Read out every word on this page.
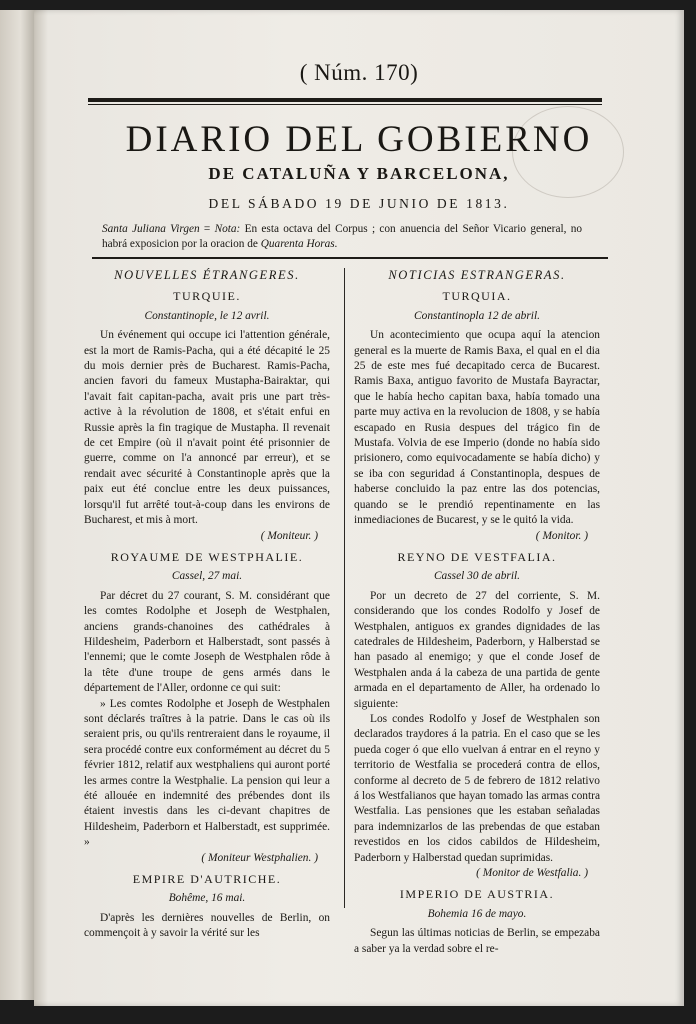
( Núm. 170)
DIARIO DEL GOBIERNO
DE CATALUÑA Y BARCELONA,
DEL SÁBADO 19 DE JUNIO DE 1813.
Santa Juliana Virgen = Nota: En esta octava del Corpus ; con anuencia del Señor Vicario general, no habrá exposicion por la oracion de Quarenta Horas.
NOUVELLES ÉTRANGERES.
TURQUIE.
Constantinople, le 12 avril.

Un événement qui occupe ici l'attention générale, est la mort de Ramis-Pacha, qui a été décapité le 25 du mois dernier près de Bucharest. Ramis-Pacha, ancien favori du fameux Mustapha-Bairaktar, qui l'avait fait capitan-pacha, avait pris une part très-active à la révolution de 1808, et s'était enfui en Russie après la fin tragique de Mustapha. Il revenait de cet Empire (où il n'avait point été prisonnier de guerre, comme on l'a annoncé par erreur), et se rendait avec sécurité à Constantinople après que la paix eut été conclue entre les deux puissances, lorsqu'il fut arrêté tout-à-coup dans les environs de Bucharest, et mis à mort.

( Moniteur. )
ROYAUME DE WESTPHALIE.
Cassel, 27 mai.

Par décret du 27 courant, S. M. considérant que les comtes Rodolphe et Joseph de Westphalen, anciens grands-chanoines des cathédrales à Hildesheim, Paderborn et Halberstadt, sont passés à l'ennemi; que le comte Joseph de Westphalen rôde à la tête d'une troupe de gens armés dans le département de l'Aller, ordonne ce qui suit:

» Les comtes Rodolphe et Joseph de Westphalen sont déclarés traîtres à la patrie. Dans le cas où ils seraient pris, ou qu'ils rentreraient dans le royaume, il sera procédé contre eux conformément au décret du 5 février 1812, relatif aux westphaliens qui auront porté les armes contre la Westphalie. La pension qui leur a été allouée en indemnité des prébendes dont ils étaient investis dans les ci-devant chapitres de Hildesheim, Paderborn et Halberstadt, est supprimée. »

( Moniteur Westphalien. )
EMPIRE D'AUTRICHE.
Bohême, 16 mai.

D'après les dernières nouvelles de Berlin, on commençoit à y savoir la vérité sur les

NOTICIAS ESTRANGERAS.
TURQUIA.
Constantinopla 12 de abril.

Un acontecimiento que ocupa aquí la atencion general es la muerte de Ramis Baxa, el qual en el dia 25 de este mes fué decapitado cerca de Bucarest. Ramis Baxa, antiguo favorito de Mustafa Bayractar, que le había hecho capitan baxa, había tomado una parte muy activa en la revolucion de 1808, y se había escapado en Rusia despues del trágico fin de Mustafa. Volvia de ese Imperio (donde no había sido prisionero, como equivocadamente se había dicho) y se iba con seguridad á Constantinopla, despues de haberse concluido la paz entre las dos potencias, quando se le prendió repentinamente en las inmediaciones de Bucarest, y se le quitó la vida.

( Monitor. )
REYNO DE VESTFALIA.
Cassel 30 de abril.

Por un decreto de 27 del corriente, S. M. considerando que los condes Rodolfo y Josef de Westphalen, antiguos ex grandes dignidades de las catedrales de Hildesheim, Paderborn, y Halberstad se han pasado al enemigo; y que el conde Josef de Westphalen anda á la cabeza de una partida de gente armada en el departamento de Aller, ha ordenado lo siguiente:

Los condes Rodolfo y Josef de Westphalen son declarados traydores á la patria. En el caso que se les pueda coger ó que ello vuelvan á entrar en el reyno y territorio de Westfalia se procederá contra de ellos, conforme al decreto de 5 de febrero de 1812 relativo á los Westfalianos que hayan tomado las armas contra Westfalia. Las pensiones que les estaban señaladas para indemnizarlos de las prebendas de que estaban revestidos en los cidos cabildos de Hildesheim, Paderborn y Halberstad quedan suprimidas.

( Monitor de Westfalia. )
IMPERIO DE AUSTRIA.
Bohemia 16 de mayo.

Segun las últimas noticias de Berlin, se empezaba a saber ya la verdad sobre el re-
